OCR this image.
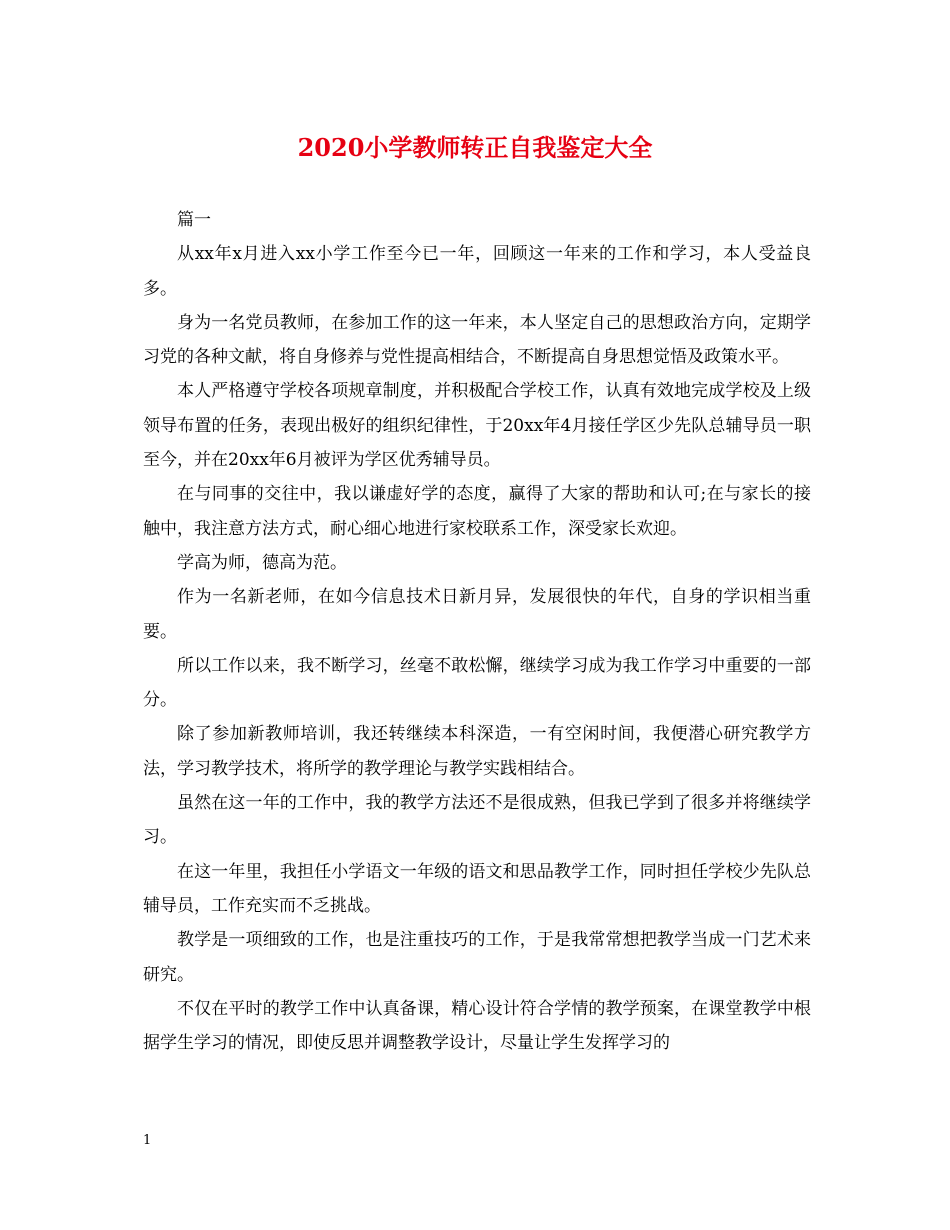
2020小学教师转正自我鉴定大全

篇一

从xx年x月进入xx小学工作至今已一年，回顾这一年来的工作和学习，本人受益良多。

身为一名党员教师，在参加工作的这一年来，本人坚定自己的思想政治方向，定期学习党的各种文献，将自身修养与党性提高相结合，不断提高自身思想觉悟及政策水平。

本人严格遵守学校各项规章制度，并积极配合学校工作，认真有效地完成学校及上级领导布置的任务，表现出极好的组织纪律性，于20xx年4月接任学区少先队总辅导员一职至今，并在20xx年6月被评为学区优秀辅导员。

在与同事的交往中，我以谦虚好学的态度，赢得了大家的帮助和认可;在与家长的接触中，我注意方法方式，耐心细心地进行家校联系工作，深受家长欢迎。

学高为师，德高为范。

作为一名新老师，在如今信息技术日新月异，发展很快的年代，自身的学识相当重要。

所以工作以来，我不断学习，丝毫不敢松懈，继续学习成为我工作学习中重要的一部分。

除了参加新教师培训，我还转继续本科深造，一有空闲时间，我便潜心研究教学方法，学习教学技术，将所学的教学理论与教学实践相结合。

虽然在这一年的工作中，我的教学方法还不是很成熟，但我已学到了很多并将继续学习。

在这一年里，我担任小学语文一年级的语文和思品教学工作，同时担任学校少先队总辅导员，工作充实而不乏挑战。

教学是一项细致的工作，也是注重技巧的工作，于是我常常想把教学当成一门艺术来研究。

不仅在平时的教学工作中认真备课，精心设计符合学情的教学预案，在课堂教学中根据学生学习的情况，即使反思并调整教学设计，尽量让学生发挥学习的

1
